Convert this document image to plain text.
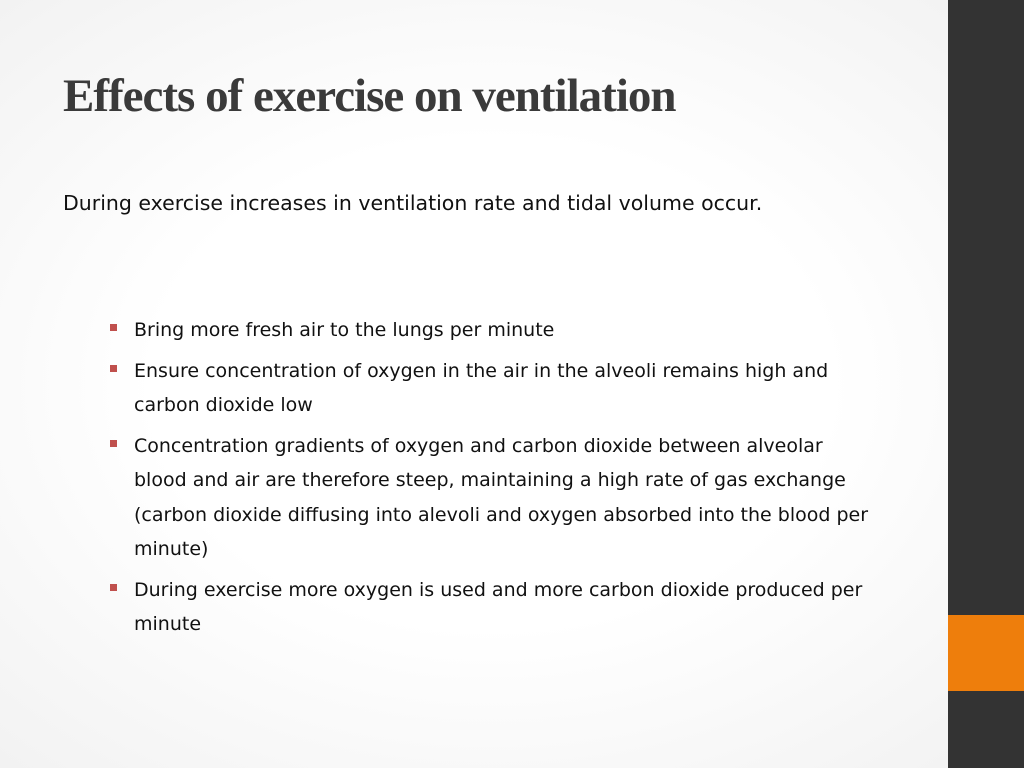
Effects of exercise on ventilation

During exercise increases in ventilation rate and tidal volume occur.

Bring more fresh air to the lungs per minute
Ensure concentration of oxygen in the air in the alveoli remains high and carbon dioxide low
Concentration gradients of oxygen and carbon dioxide between alveolar blood and air are therefore steep, maintaining a high rate of gas exchange (carbon dioxide diffusing into alevoli and oxygen absorbed into the blood per minute)
During exercise more oxygen is used and more carbon dioxide produced per minute
